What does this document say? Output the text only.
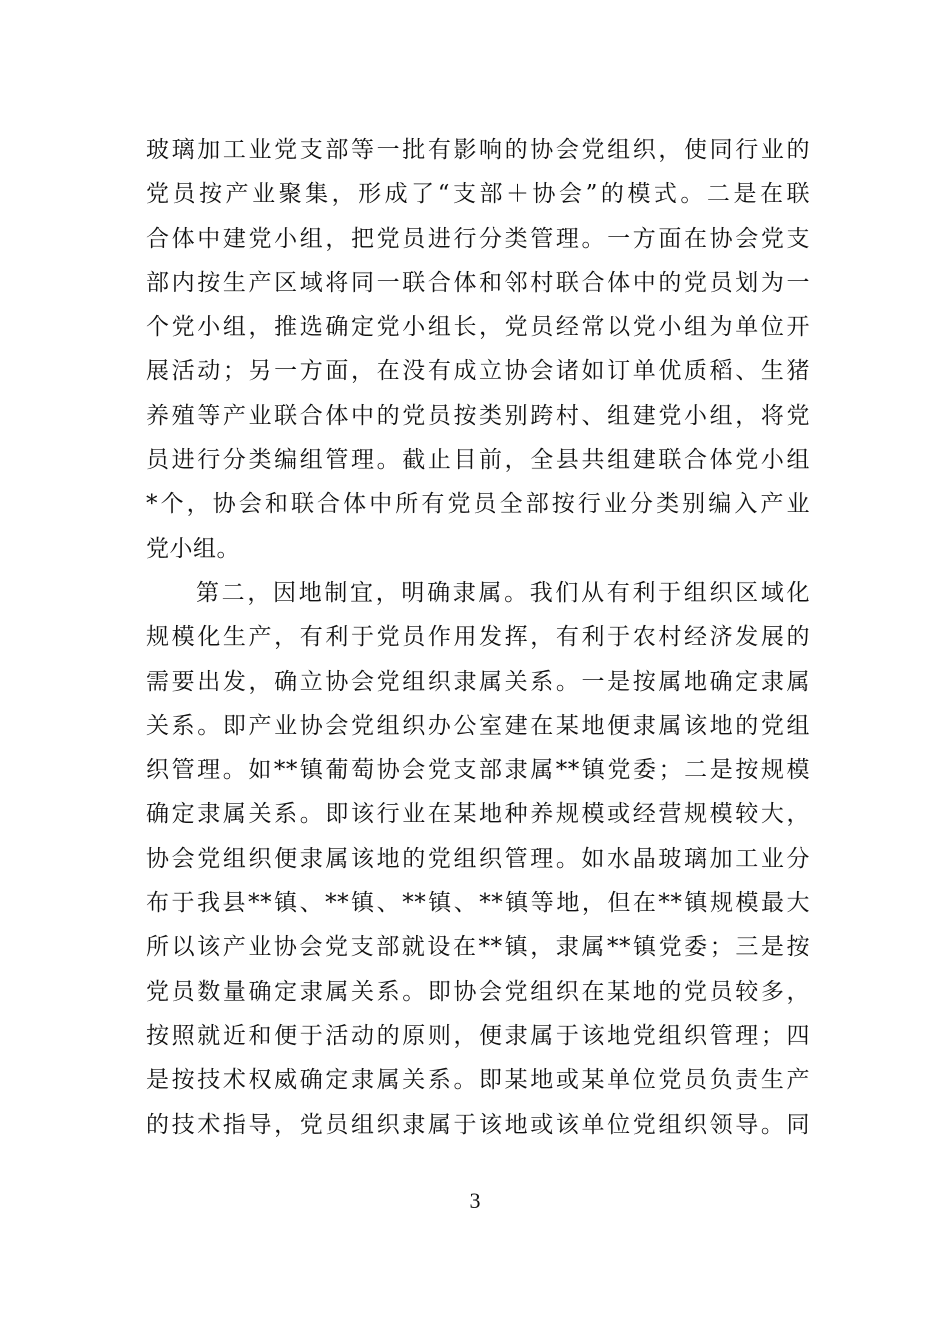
玻璃加工业党支部等一批有影响的协会党组织，使同行业的
党员按产业聚集，形成了“支部＋协会”的模式。二是在联
合体中建党小组，把党员进行分类管理。一方面在协会党支
部内按生产区域将同一联合体和邻村联合体中的党员划为一
个党小组，推选确定党小组长，党员经常以党小组为单位开
展活动；另一方面，在没有成立协会诸如订单优质稻、生猪
养殖等产业联合体中的党员按类别跨村、组建党小组，将党
员进行分类编组管理。截止目前，全县共组建联合体党小组
*个，协会和联合体中所有党员全部按行业分类别编入产业
党小组。
第二，因地制宜，明确隶属。我们从有利于组织区域化
规模化生产，有利于党员作用发挥，有利于农村经济发展的
需要出发，确立协会党组织隶属关系。一是按属地确定隶属
关系。即产业协会党组织办公室建在某地便隶属该地的党组
织管理。如**镇葡萄协会党支部隶属**镇党委；二是按规模
确定隶属关系。即该行业在某地种养规模或经营规模较大，
协会党组织便隶属该地的党组织管理。如水晶玻璃加工业分
布于我县**镇、**镇、**镇、**镇等地，但在**镇规模最大
所以该产业协会党支部就设在**镇，隶属**镇党委；三是按
党员数量确定隶属关系。即协会党组织在某地的党员较多，
按照就近和便于活动的原则，便隶属于该地党组织管理；四
是按技术权威确定隶属关系。即某地或某单位党员负责生产
的技术指导，党员组织隶属于该地或该单位党组织领导。同
3
